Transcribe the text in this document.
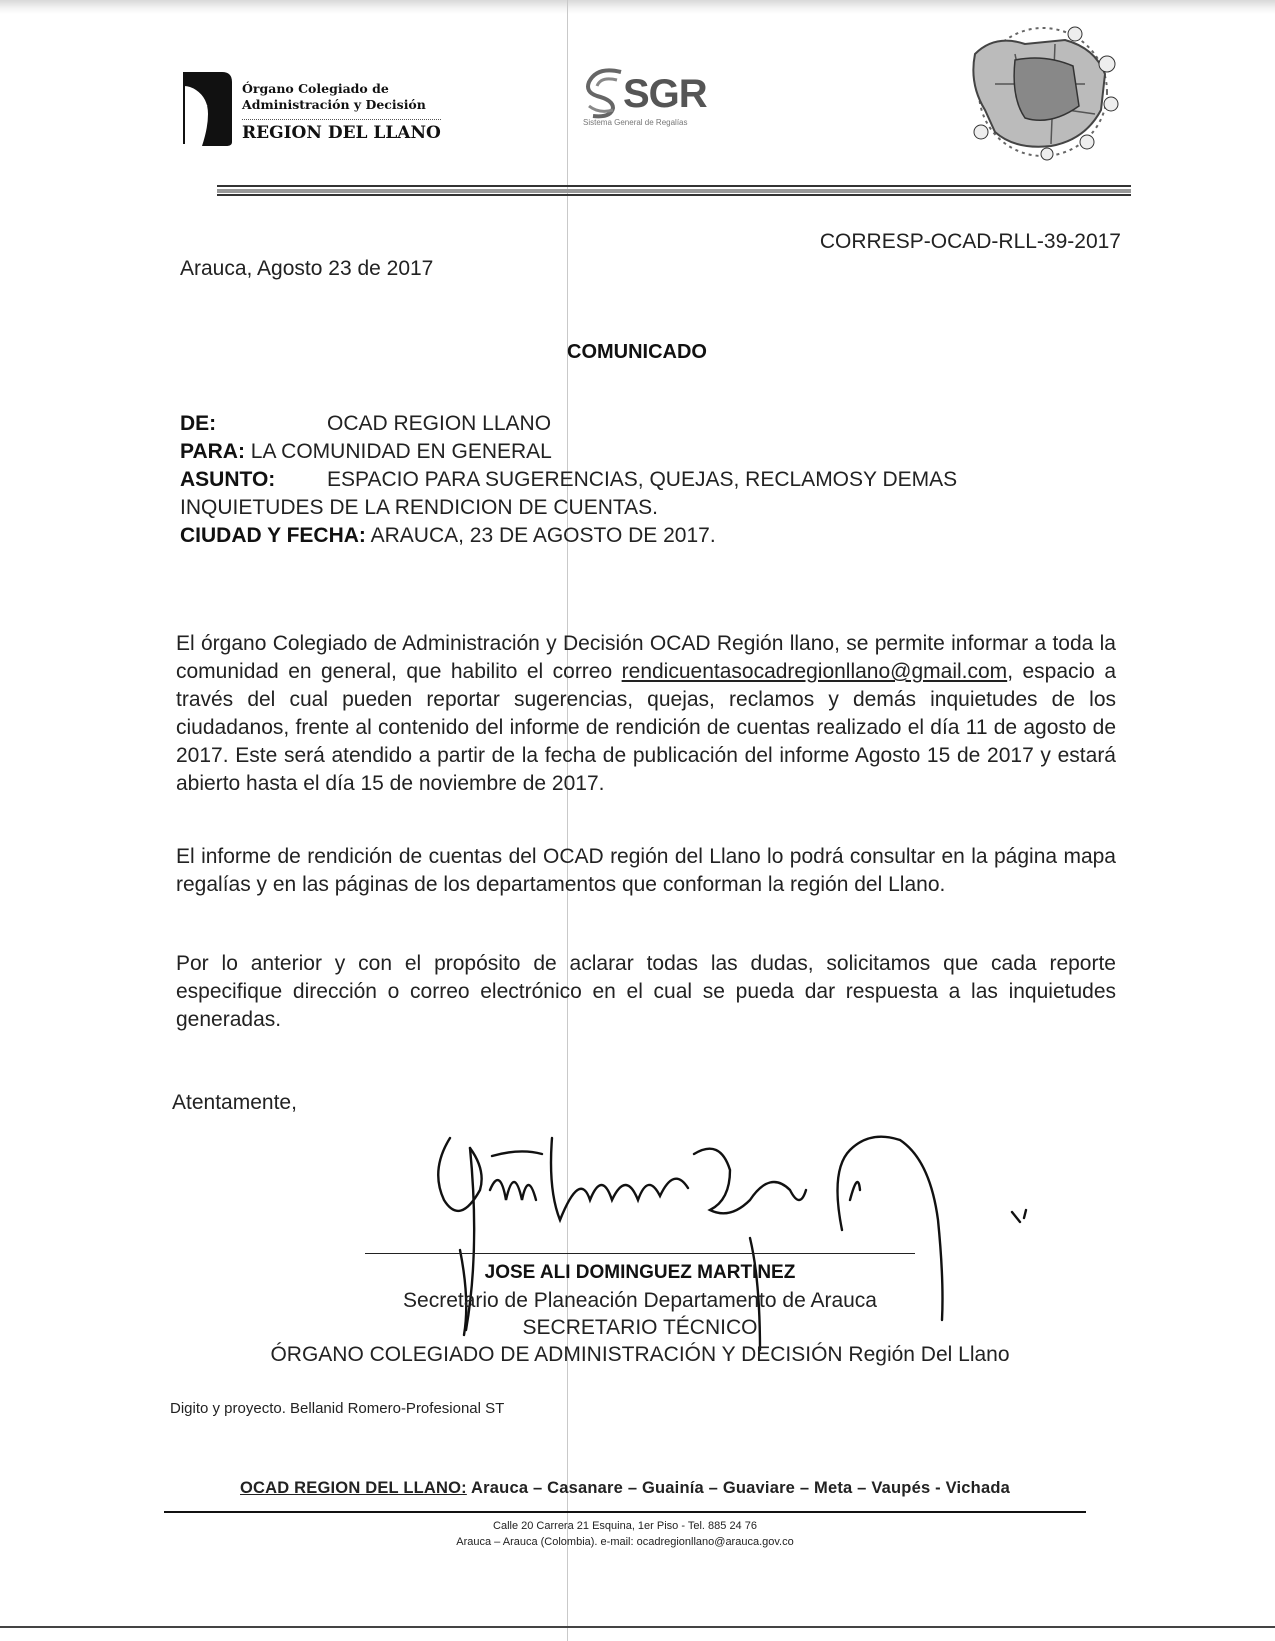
Órgano Colegiado de
Administración y Decisión
REGION DEL LLANO
SGR
Sistema General de Regalías
CORRESP-OCAD-RLL-39-2017
Arauca, Agosto 23 de 2017
COMUNICADO
DE:	OCAD REGION LLANO
PARA: LA COMUNIDAD EN GENERAL
ASUNTO: ESPACIO PARA SUGERENCIAS, QUEJAS, RECLAMOSY DEMAS
INQUIETUDES DE LA RENDICION DE CUENTAS.
CIUDAD Y FECHA: ARAUCA, 23 DE AGOSTO DE 2017.
El órgano Colegiado de Administración y Decisión OCAD Región llano, se permite informar a toda la comunidad en general, que habilito el correo rendicuentasocadregionllano@gmail.com, espacio a través del cual pueden reportar sugerencias, quejas, reclamos y demás inquietudes de los ciudadanos, frente al contenido del informe de rendición de cuentas realizado el día 11 de agosto de 2017. Este será atendido a partir de la fecha de publicación del informe Agosto 15 de 2017 y estará abierto hasta el día 15 de noviembre de 2017.
El informe de rendición de cuentas del OCAD región del Llano lo podrá consultar en la página mapa regalías y en las páginas de los departamentos que conforman la región del Llano.
Por lo anterior y con el propósito de aclarar todas las dudas, solicitamos que cada reporte especifique dirección o correo electrónico en el cual se pueda dar respuesta a las inquietudes generadas.
Atentamente,
JOSE ALI DOMINGUEZ MARTINEZ
Secretario de Planeación Departamento de Arauca
SECRETARIO TÉCNICO
ÓRGANO COLEGIADO DE ADMINISTRACIÓN Y DECISIÓN Región Del Llano
Digito y proyecto. Bellanid Romero-Profesional ST
OCAD REGION DEL LLANO: Arauca – Casanare – Guainía – Guaviare – Meta – Vaupés - Vichada
Calle 20 Carrera 21 Esquina, 1er Piso - Tel. 885 24 76
Arauca – Arauca (Colombia). e-mail: ocadregionllano@arauca.gov.co
